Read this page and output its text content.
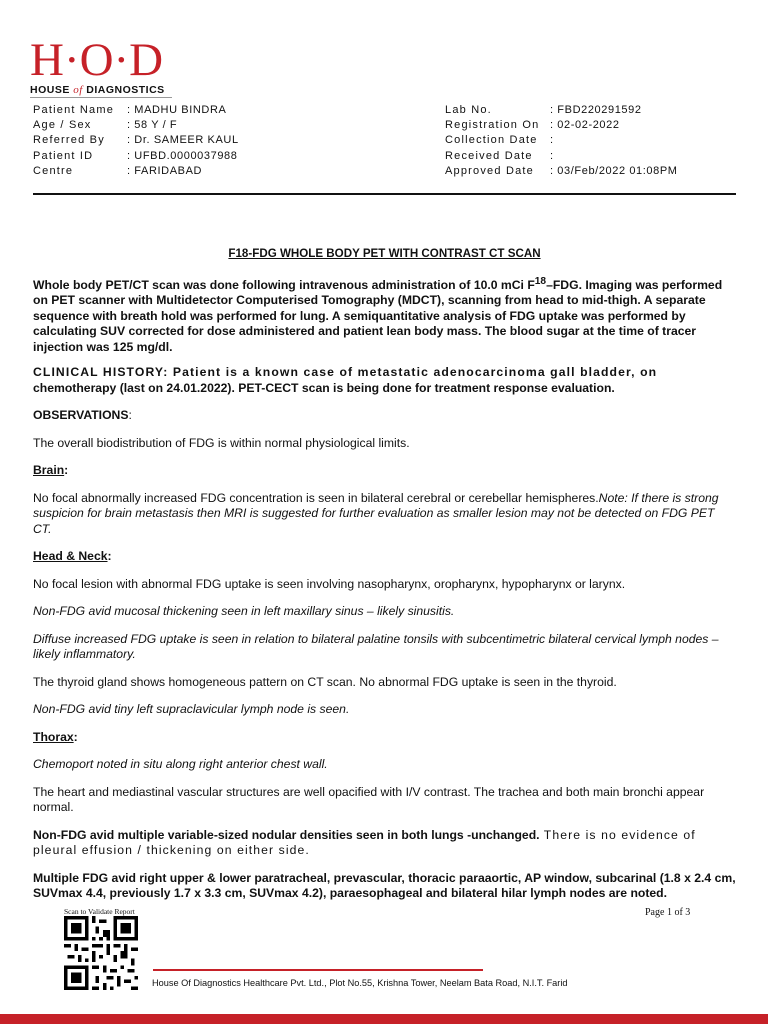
H·O·D
HOUSE of DIAGNOSTICS
Patient Name	: MADHU BINDRA
Age / Sex	: 58 Y / F
Referred By	: Dr. SAMEER KAUL
Patient ID	: UFBD.0000037988
Centre	: FARIDABAD
Lab No.	: FBD220291592
Registration On : 02-02-2022
Collection Date	:
Received Date	:
Approved Date	: 03/Feb/2022 01:08PM

F18-FDG WHOLE BODY PET WITH CONTRAST CT SCAN

Whole body PET/CT scan was done following intravenous administration of 10.0 mCi $F^{18}$–FDG. Imaging was performed on PET scanner with Multidetector Computerised Tomography (MDCT), scanning from head to mid-thigh. A separate sequence with breath hold was performed for lung. A semiquantitative analysis of FDG uptake was performed by calculating SUV corrected for dose administered and patient lean body mass. The blood sugar at the time of tracer injection was 125 mg/dl.

CLINICAL HISTORY: Patient is a known case of metastatic adenocarcinoma gall bladder, on chemotherapy (last on 24.01.2022). PET-CECT scan is being done for treatment response evaluation.

OBSERVATIONS:

The overall biodistribution of FDG is within normal physiological limits.

Brain:

No focal abnormally increased FDG concentration is seen in bilateral cerebral or cerebellar hemispheres.Note: If there is strong suspicion for brain metastasis then MRI is suggested for further evaluation as smaller lesion may not be detected on FDG PET CT.

Head & Neck:

No focal lesion with abnormal FDG uptake is seen involving nasopharynx, oropharynx, hypopharynx or larynx.

Non-FDG avid mucosal thickening seen in left maxillary sinus – likely sinusitis.

Diffuse increased FDG uptake is seen in relation to bilateral palatine tonsils with subcentimetric bilateral cervical lymph nodes – likely inflammatory.

The thyroid gland shows homogeneous pattern on CT scan. No abnormal FDG uptake is seen in the thyroid.

Non-FDG avid tiny left supraclavicular lymph node is seen.

Thorax:

Chemoport noted in situ along right anterior chest wall.

The heart and mediastinal vascular structures are well opacified with I/V contrast. The trachea and both main bronchi appear normal.

Non-FDG avid multiple variable-sized nodular densities seen in both lungs -unchanged. There is no evidence of pleural effusion / thickening on either side.

Multiple FDG avid right upper & lower paratracheal, prevascular, thoracic paraaortic, AP window, subcarinal (1.8 x 2.4 cm, SUVmax 4.4, previously 1.7 x 3.3 cm, SUVmax 4.2), paraesophageal and bilateral hilar lymph nodes are noted.

Scan to Validate Report	Page 1 of 3
House Of Diagnostics Healthcare Pvt. Ltd., Plot No.55, Krishna Tower, Neelam Bata Road, N.I.T. Farid
